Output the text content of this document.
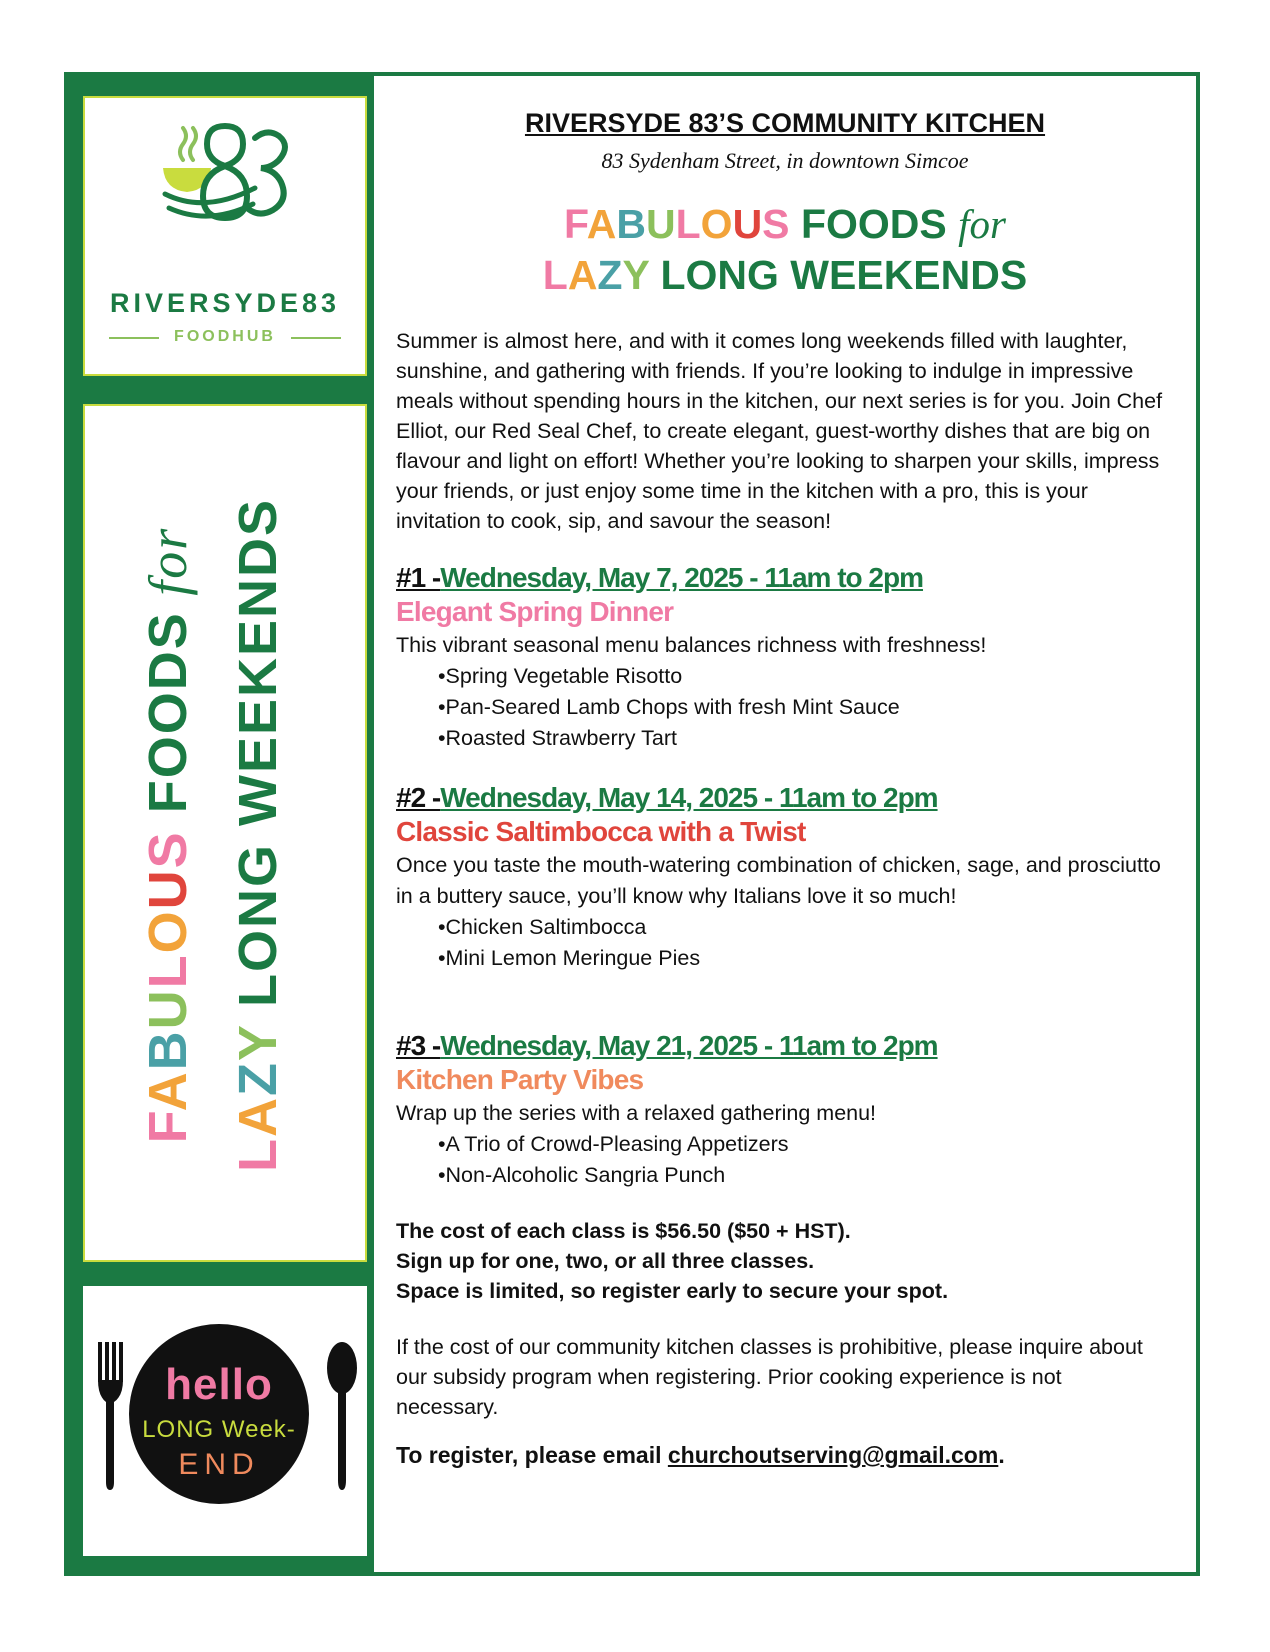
RIVERSYDE83
FOODHUB
FABULOUS FOODS for
LAZY LONG WEEKENDS
hello
LONG Week-
END
RIVERSYDE 83’S COMMUNITY KITCHEN
83 Sydenham Street, in downtown Simcoe
FABULOUS FOODS for
LAZY LONG WEEKENDS
Summer is almost here, and with it comes long weekends filled with laughter, sunshine, and gathering with friends. If you’re looking to indulge in impressive meals without spending hours in the kitchen, our next series is for you. Join Chef Elliot, our Red Seal Chef, to create elegant, guest-worthy dishes that are big on flavour and light on effort! Whether you’re looking to sharpen your skills, impress your friends, or just enjoy some time in the kitchen with a pro, this is your invitation to cook, sip, and savour the season!
#1 -Wednesday, May 7, 2025 - 11am to 2pm
Elegant Spring Dinner
This vibrant seasonal menu balances richness with freshness!
• Spring Vegetable Risotto
• Pan-Seared Lamb Chops with fresh Mint Sauce
• Roasted Strawberry Tart
#2 -Wednesday, May 14, 2025 - 11am to 2pm
Classic Saltimbocca with a Twist
Once you taste the mouth-watering combination of chicken, sage, and prosciutto in a buttery sauce, you’ll know why Italians love it so much!
• Chicken Saltimbocca
• Mini Lemon Meringue Pies
#3 -Wednesday, May 21, 2025 - 11am to 2pm
Kitchen Party Vibes
Wrap up the series with a relaxed gathering menu!
• A Trio of Crowd-Pleasing Appetizers
• Non-Alcoholic Sangria Punch
The cost of each class is $56.50 ($50 + HST).
Sign up for one, two, or all three classes.
Space is limited, so register early to secure your spot.
If the cost of our community kitchen classes is prohibitive, please inquire about our subsidy program when registering. Prior cooking experience is not necessary.
To register, please email churchoutserving@gmail.com.
